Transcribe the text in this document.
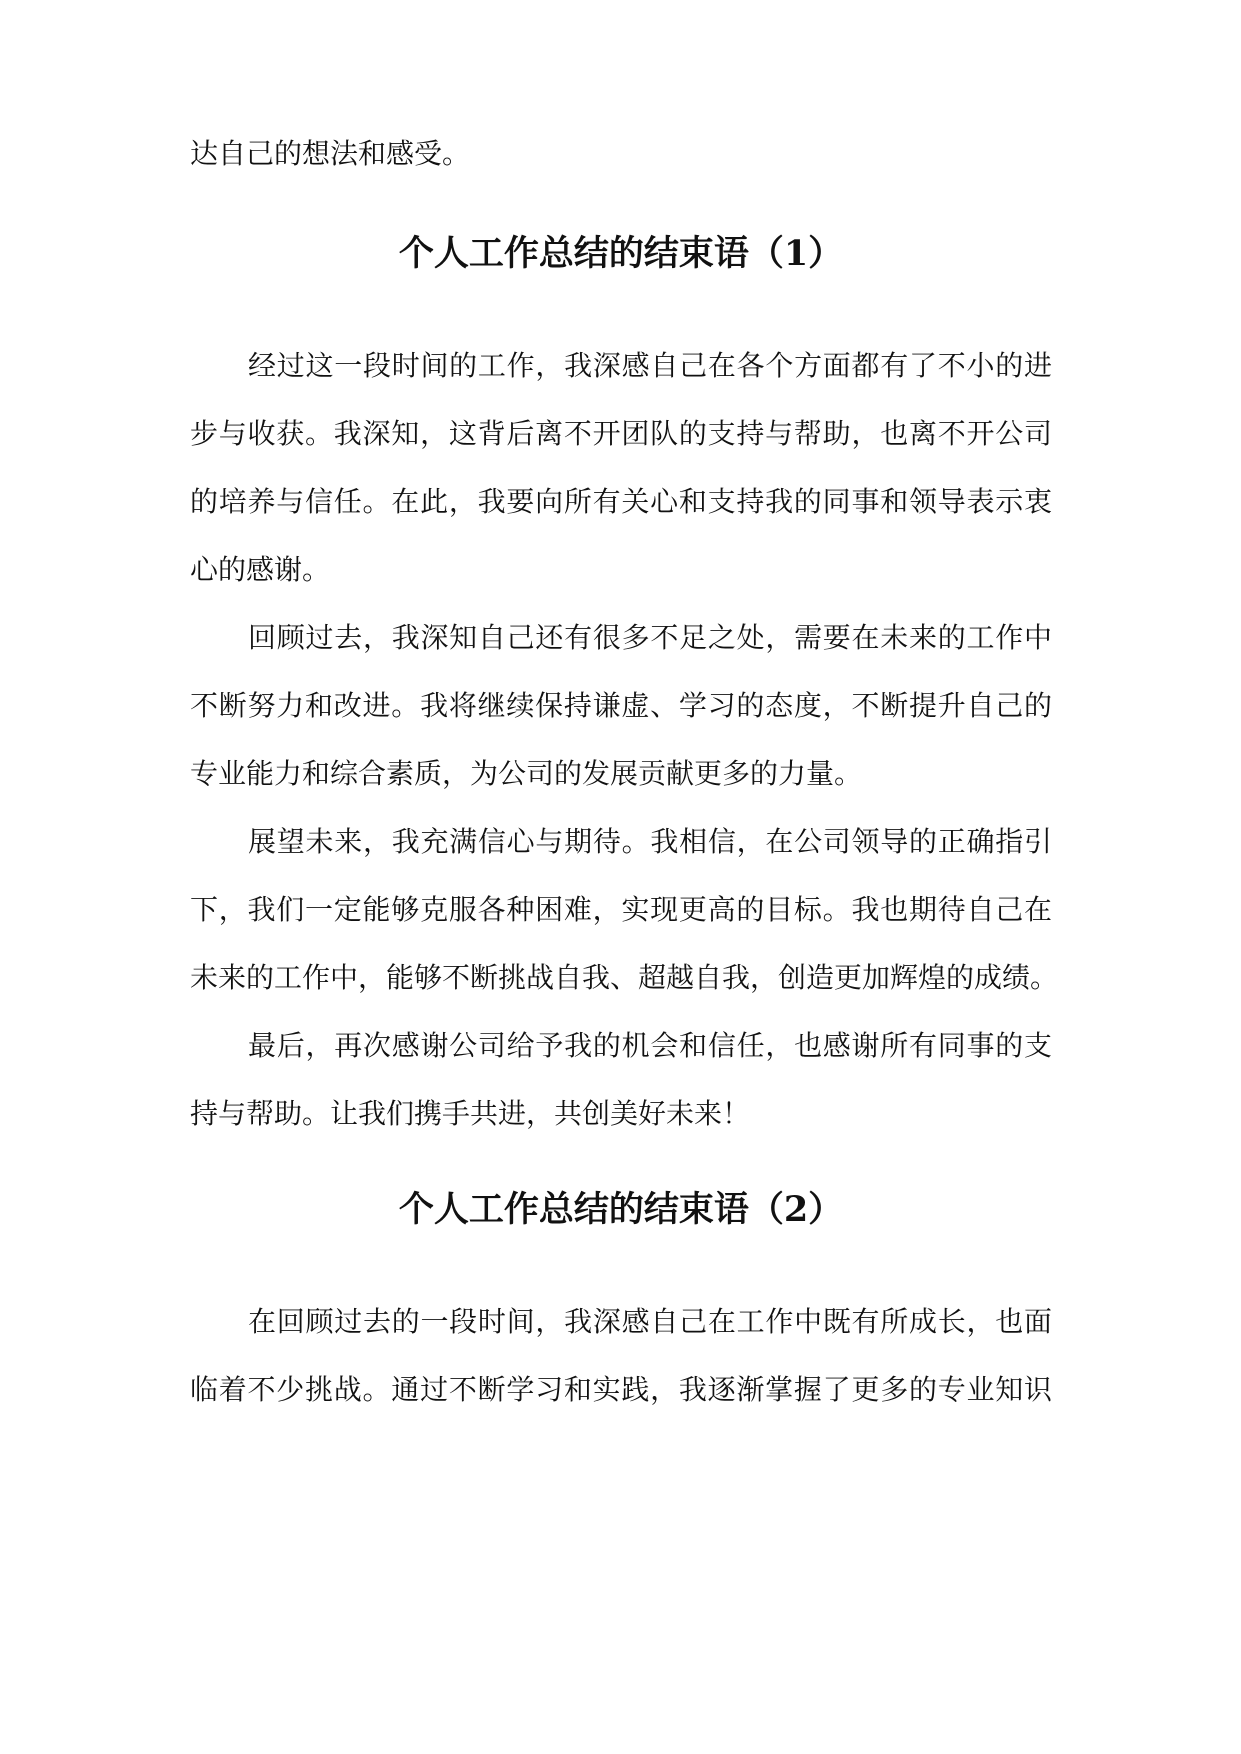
达自己的想法和感受。
个人工作总结的结束语（1）
经过这一段时间的工作，我深感自己在各个方面都有了不小的进
步与收获。我深知，这背后离不开团队的支持与帮助，也离不开公司
的培养与信任。在此，我要向所有关心和支持我的同事和领导表示衷
心的感谢。
回顾过去，我深知自己还有很多不足之处，需要在未来的工作中
不断努力和改进。我将继续保持谦虚、学习的态度，不断提升自己的
专业能力和综合素质，为公司的发展贡献更多的力量。
展望未来，我充满信心与期待。我相信，在公司领导的正确指引
下，我们一定能够克服各种困难，实现更高的目标。我也期待自己在
未来的工作中，能够不断挑战自我、超越自我，创造更加辉煌的成绩。
最后，再次感谢公司给予我的机会和信任，也感谢所有同事的支
持与帮助。让我们携手共进，共创美好未来！
个人工作总结的结束语（2）
在回顾过去的一段时间，我深感自己在工作中既有所成长，也面
临着不少挑战。通过不断学习和实践，我逐渐掌握了更多的专业知识
